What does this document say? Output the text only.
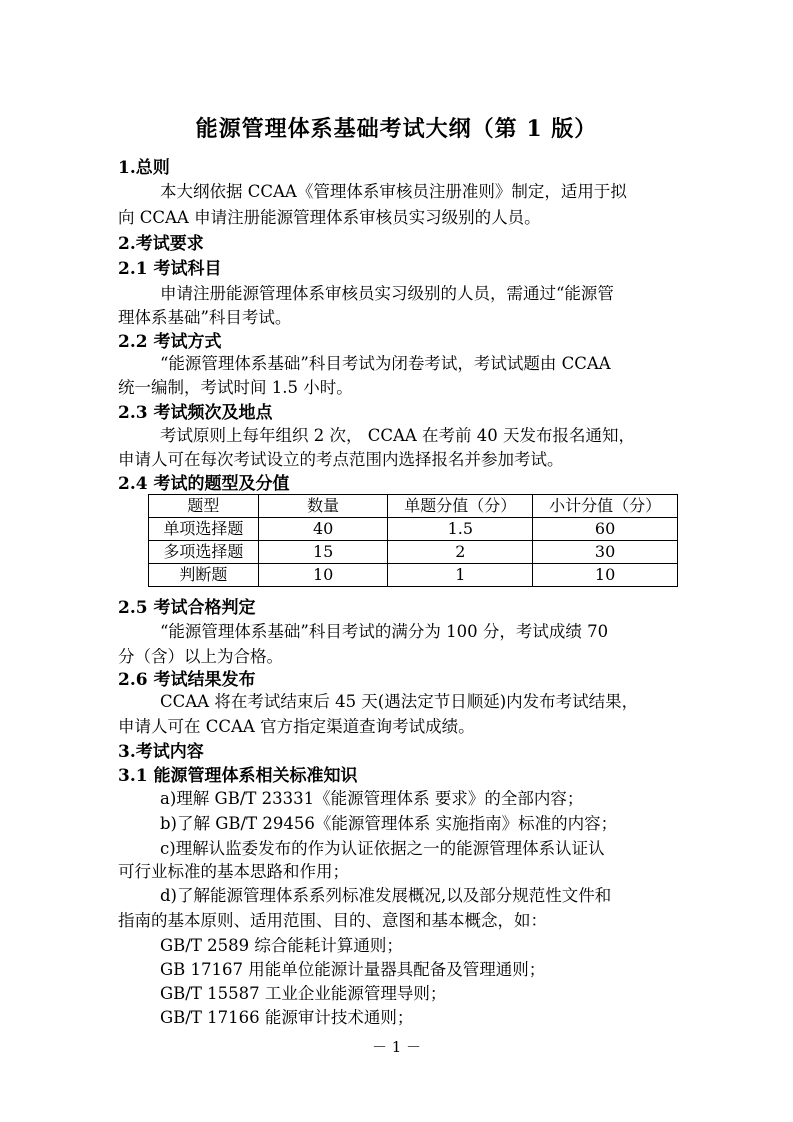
能源管理体系基础考试大纲（第 1 版）
1.总则
本大纲依据 CCAA《管理体系审核员注册准则》制定，适用于拟
向 CCAA 申请注册能源管理体系审核员实习级别的人员。
2.考试要求
2.1 考试科目
申请注册能源管理体系审核员实习级别的人员，需通过“能源管
理体系基础”科目考试。
2.2 考试方式
“能源管理体系基础”科目考试为闭卷考试，考试试题由 CCAA
统一编制，考试时间 1.5 小时。
2.3 考试频次及地点
考试原则上每年组织 2 次， CCAA 在考前 40 天发布报名通知，
申请人可在每次考试设立的考点范围内选择报名并参加考试。
2.4 考试的题型及分值
题型	数量	单题分值（分）	小计分值（分）
单项选择题	40	1.5	60
多项选择题	15	2	30
判断题	10	1	10
2.5 考试合格判定
“能源管理体系基础”科目考试的满分为 100 分，考试成绩 70
分（含）以上为合格。
2.6 考试结果发布
CCAA 将在考试结束后 45 天(遇法定节日顺延)内发布考试结果，
申请人可在 CCAA 官方指定渠道查询考试成绩。
3.考试内容
3.1 能源管理体系相关标准知识
a)理解 GB/T 23331《能源管理体系 要求》的全部内容；
b)了解 GB/T 29456《能源管理体系 实施指南》标准的内容；
c)理解认监委发布的作为认证依据之一的能源管理体系认证认
可行业标准的基本思路和作用；
d)了解能源管理体系系列标准发展概况,以及部分规范性文件和
指南的基本原则、适用范围、目的、意图和基本概念，如：
GB/T 2589 综合能耗计算通则；
GB 17167 用能单位能源计量器具配备及管理通则；
GB/T 15587 工业企业能源管理导则；
GB/T 17166 能源审计技术通则；
－ 1 －
